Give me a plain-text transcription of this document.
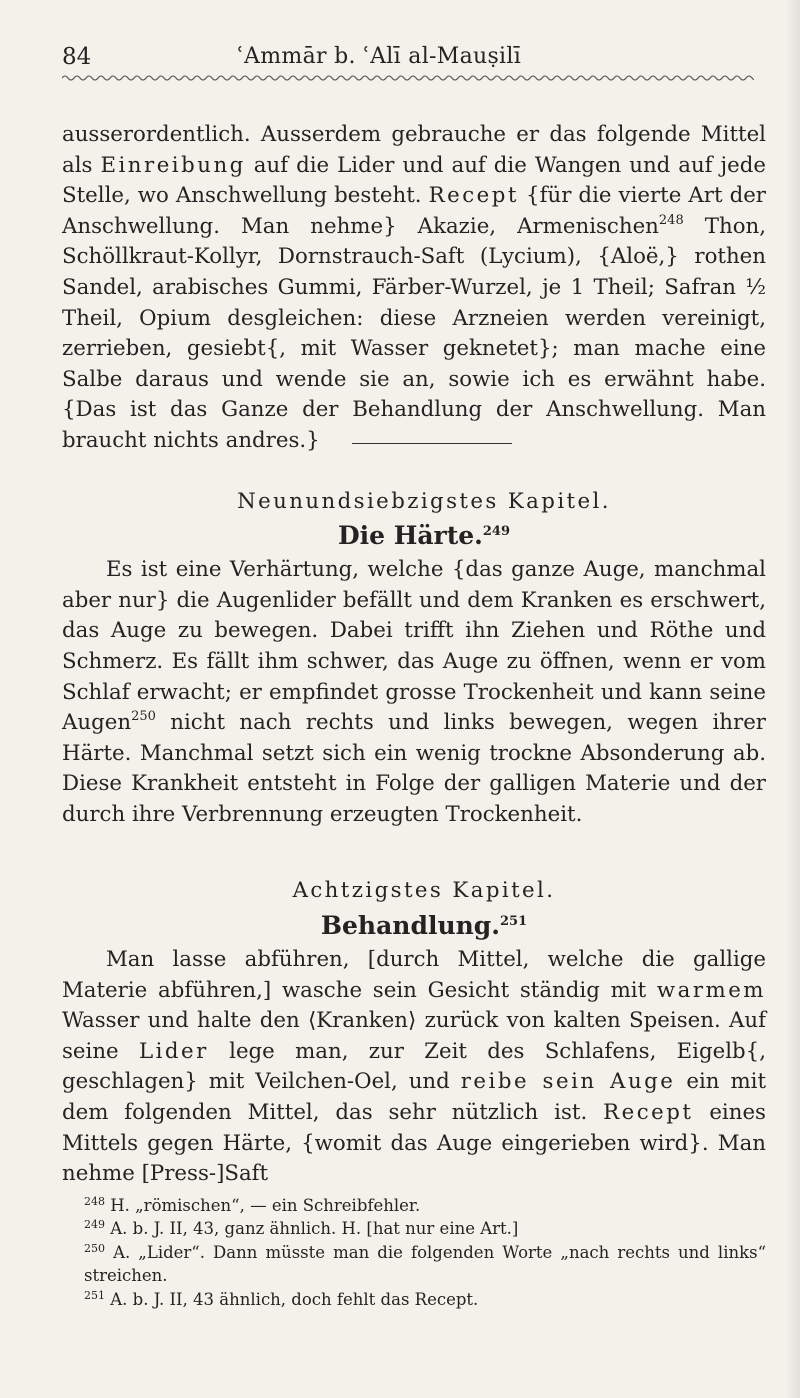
84	ʿAmmār b. ʿAlī al-Mauṣilī

ausserordentlich. Ausserdem gebrauche er das folgende Mittel als Einreibung auf die Lider und auf die Wangen und auf jede Stelle, wo Anschwellung besteht. Recept {für die vierte Art der Anschwellung. Man nehme} Akazie, Armenischen$^{248}$ Thon, Schöllkraut-Kollyr, Dornstrauch-Saft (Lycium), {Aloë,} rothen Sandel, arabisches Gummi, Färber-Wurzel, je 1 Theil; Safran ½ Theil, Opium desgleichen: diese Arzneien werden vereinigt, zerrieben, gesiebt{, mit Wasser geknetet}; man mache eine Salbe daraus und wende sie an, sowie ich es erwähnt habe. {Das ist das Ganze der Behandlung der Anschwellung. Man braucht nichts andres.}

Neunundsiebzigstes Kapitel.
Die Härte.$^{249}$

Es ist eine Verhärtung, welche {das ganze Auge, manchmal aber nur} die Augenlider befällt und dem Kranken es erschwert, das Auge zu bewegen. Dabei trifft ihn Ziehen und Röthe und Schmerz. Es fällt ihm schwer, das Auge zu öffnen, wenn er vom Schlaf erwacht; er empfindet grosse Trockenheit und kann seine Augen$^{250}$ nicht nach rechts und links bewegen, wegen ihrer Härte. Manchmal setzt sich ein wenig trockne Absonderung ab. Diese Krankheit entsteht in Folge der galligen Materie und der durch ihre Verbrennung erzeugten Trockenheit.

Achtzigstes Kapitel.
Behandlung.$^{251}$

Man lasse abführen, [durch Mittel, welche die gallige Materie abführen,] wasche sein Gesicht ständig mit warmem Wasser und halte den ⟨Kranken⟩ zurück von kalten Speisen. Auf seine Lider lege man, zur Zeit des Schlafens, Eigelb{, geschlagen} mit Veilchen-Oel, und reibe sein Auge ein mit dem folgenden Mittel, das sehr nützlich ist. Recept eines Mittels gegen Härte, {womit das Auge eingerieben wird}. Man nehme [Press-]Saft

$^{248}$ H. „römischen“, — ein Schreibfehler.

$^{249}$ A. b. J. II, 43, ganz ähnlich. H. [hat nur eine Art.]

$^{250}$ A. „Lider“. Dann müsste man die folgenden Worte „nach rechts und links“ streichen.

$^{251}$ A. b. J. II, 43 ähnlich, doch fehlt das Recept.
